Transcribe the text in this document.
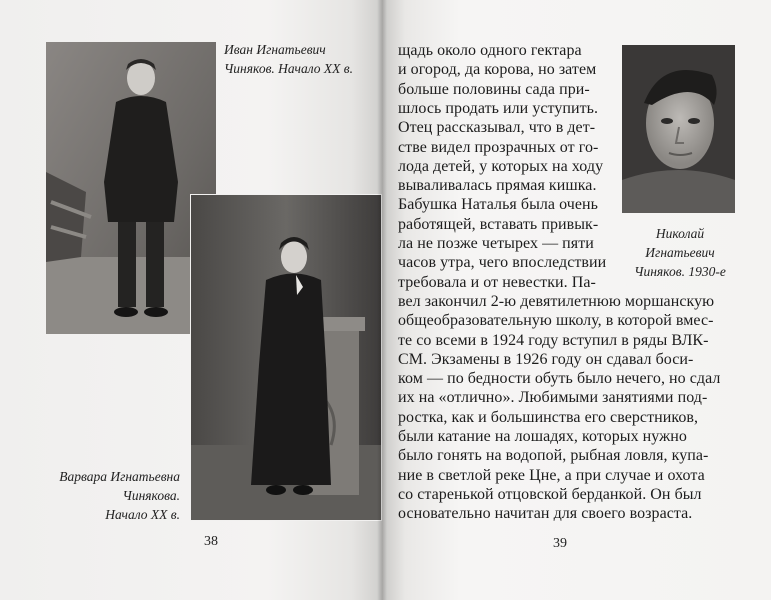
Иван Игнатьевич
Чиняков. Начало XX в.
Варвара Игнатьевна
Чинякова.
Начало XX в.
38
Николай
Игнатьевич
Чиняков. 1930-е
щадь около одного гектара
и огород, да корова, но затем
больше половины сада при-
шлось продать или уступить.
Отец рассказывал, что в дет-
стве видел прозрачных от го-
лода детей, у которых на ходу
вываливалась прямая кишка.
Бабушка Наталья была очень
работящей, вставать привык-
ла не позже четырех — пяти
часов утра, чего впоследствии
требовала и от невестки. Па-
вел закончил 2-ю девятилетнюю моршанскую
общеобразовательную школу, в которой вмес-
те со всеми в 1924 году вступил в ряды ВЛК-
СМ. Экзамены в 1926 году он сдавал боси-
ком — по бедности обуть было нечего, но сдал
их на «отлично». Любимыми занятиями под-
ростка, как и большинства его сверстников,
были катание на лошадях, которых нужно
было гонять на водопой, рыбная ловля, купа-
ние в светлой реке Цне, а при случае и охота
со старенькой отцовской берданкой. Он был
основательно начитан для своего возраста.
39
